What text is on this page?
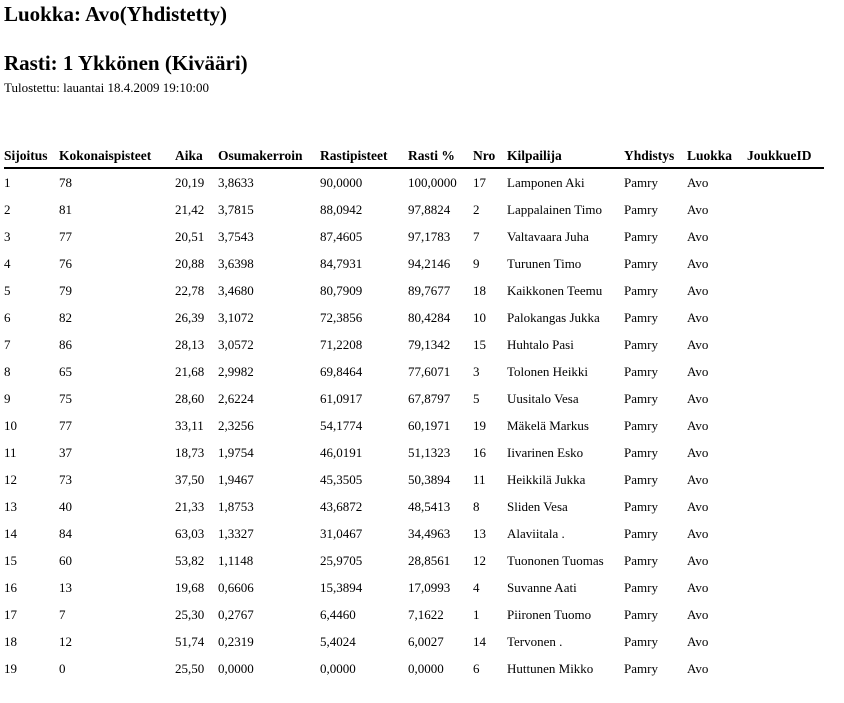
Luokka: Avo(Yhdistetty)
Rasti: 1 Ykkönen (Kivääri)
Tulostettu: lauantai 18.4.2009 19:10:00
Sijoitus	Kokonaispisteet	Aika	Osumakerroin	Rastipisteet	Rasti %	Nro	Kilpailija	Yhdistys	Luokka	JoukkueID
1	78	20,19	3,8633	90,0000	100,0000	17	Lamponen Aki	Pamry	Avo	
2	81	21,42	3,7815	88,0942	97,8824	2	Lappalainen Timo	Pamry	Avo	
3	77	20,51	3,7543	87,4605	97,1783	7	Valtavaara Juha	Pamry	Avo	
4	76	20,88	3,6398	84,7931	94,2146	9	Turunen Timo	Pamry	Avo	
5	79	22,78	3,4680	80,7909	89,7677	18	Kaikkonen Teemu	Pamry	Avo	
6	82	26,39	3,1072	72,3856	80,4284	10	Palokangas Jukka	Pamry	Avo	
7	86	28,13	3,0572	71,2208	79,1342	15	Huhtalo Pasi	Pamry	Avo	
8	65	21,68	2,9982	69,8464	77,6071	3	Tolonen Heikki	Pamry	Avo	
9	75	28,60	2,6224	61,0917	67,8797	5	Uusitalo Vesa	Pamry	Avo	
10	77	33,11	2,3256	54,1774	60,1971	19	Mäkelä Markus	Pamry	Avo	
11	37	18,73	1,9754	46,0191	51,1323	16	Iivarinen Esko	Pamry	Avo	
12	73	37,50	1,9467	45,3505	50,3894	11	Heikkilä Jukka	Pamry	Avo	
13	40	21,33	1,8753	43,6872	48,5413	8	Sliden Vesa	Pamry	Avo	
14	84	63,03	1,3327	31,0467	34,4963	13	Alaviitala .	Pamry	Avo	
15	60	53,82	1,1148	25,9705	28,8561	12	Tuononen Tuomas	Pamry	Avo	
16	13	19,68	0,6606	15,3894	17,0993	4	Suvanne Aati	Pamry	Avo	
17	7	25,30	0,2767	6,4460	7,1622	1	Piironen Tuomo	Pamry	Avo	
18	12	51,74	0,2319	5,4024	6,0027	14	Tervonen .	Pamry	Avo	
19	0	25,50	0,0000	0,0000	0,0000	6	Huttunen Mikko	Pamry	Avo	
